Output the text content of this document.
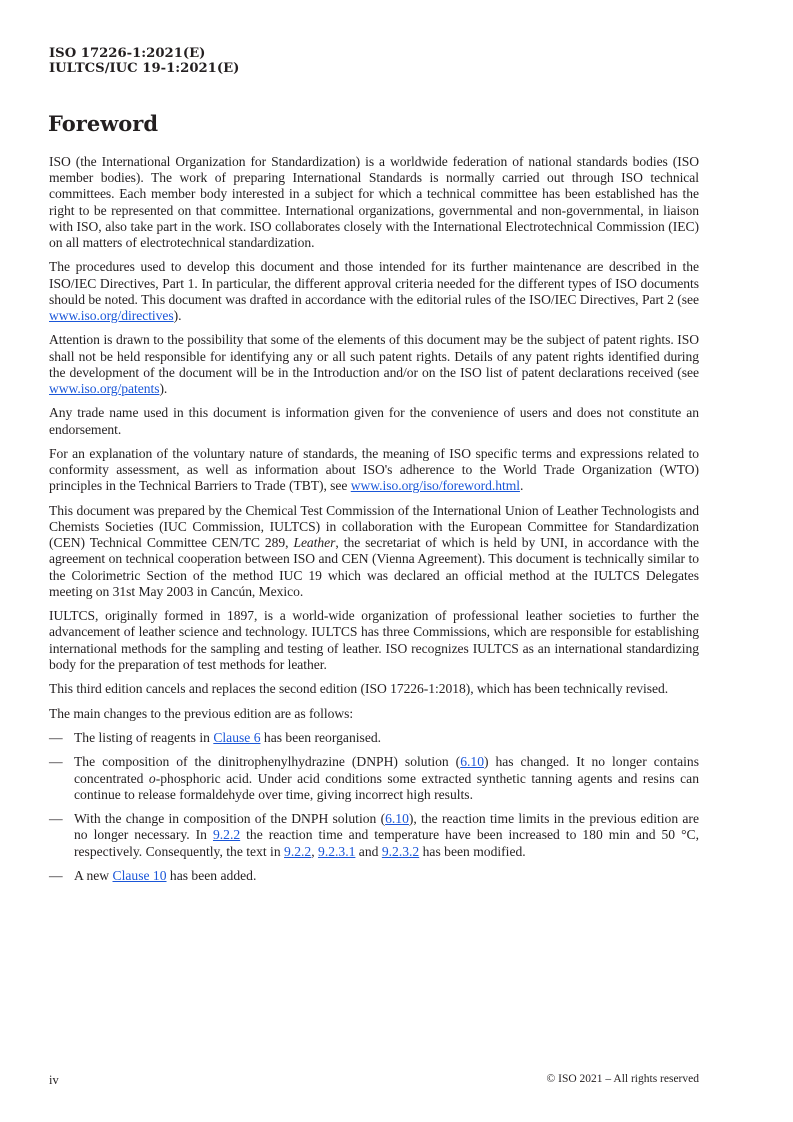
ISO 17226-1:2021(E)
IULTCS/IUC 19-1:2021(E)
Foreword

ISO (the International Organization for Standardization) is a worldwide federation of national standards bodies (ISO member bodies). The work of preparing International Standards is normally carried out through ISO technical committees. Each member body interested in a subject for which a technical committee has been established has the right to be represented on that committee. International organizations, governmental and non-governmental, in liaison with ISO, also take part in the work. ISO collaborates closely with the International Electrotechnical Commission (IEC) on all matters of electrotechnical standardization.

The procedures used to develop this document and those intended for its further maintenance are described in the ISO/IEC Directives, Part 1. In particular, the different approval criteria needed for the different types of ISO documents should be noted. This document was drafted in accordance with the editorial rules of the ISO/IEC Directives, Part 2 (see www.iso.org/directives).

Attention is drawn to the possibility that some of the elements of this document may be the subject of patent rights. ISO shall not be held responsible for identifying any or all such patent rights. Details of any patent rights identified during the development of the document will be in the Introduction and/or on the ISO list of patent declarations received (see www.iso.org/patents).

Any trade name used in this document is information given for the convenience of users and does not constitute an endorsement.

For an explanation of the voluntary nature of standards, the meaning of ISO specific terms and expressions related to conformity assessment, as well as information about ISO's adherence to the World Trade Organization (WTO) principles in the Technical Barriers to Trade (TBT), see www.iso.org/iso/foreword.html.

This document was prepared by the Chemical Test Commission of the International Union of Leather Technologists and Chemists Societies (IUC Commission, IULTCS) in collaboration with the European Committee for Standardization (CEN) Technical Committee CEN/TC 289, Leather, the secretariat of which is held by UNI, in accordance with the agreement on technical cooperation between ISO and CEN (Vienna Agreement). This document is technically similar to the Colorimetric Section of the method IUC 19 which was declared an official method at the IULTCS Delegates meeting on 31st May 2003 in Cancún, Mexico.

IULTCS, originally formed in 1897, is a world-wide organization of professional leather societies to further the advancement of leather science and technology. IULTCS has three Commissions, which are responsible for establishing international methods for the sampling and testing of leather. ISO recognizes IULTCS as an international standardizing body for the preparation of test methods for leather.

This third edition cancels and replaces the second edition (ISO 17226-1:2018), which has been technically revised.

The main changes to the previous edition are as follows:

— The listing of reagents in Clause 6 has been reorganised.
— The composition of the dinitrophenylhydrazine (DNPH) solution (6.10) has changed. It no longer contains concentrated o-phosphoric acid. Under acid conditions some extracted synthetic tanning agents and resins can continue to release formaldehyde over time, giving incorrect high results.
— With the change in composition of the DNPH solution (6.10), the reaction time limits in the previous edition are no longer necessary. In 9.2.2 the reaction time and temperature have been increased to 180 min and 50 °C, respectively. Consequently, the text in 9.2.2, 9.2.3.1 and 9.2.3.2 has been modified.
— A new Clause 10 has been added.
iv	© ISO 2021 – All rights reserved
